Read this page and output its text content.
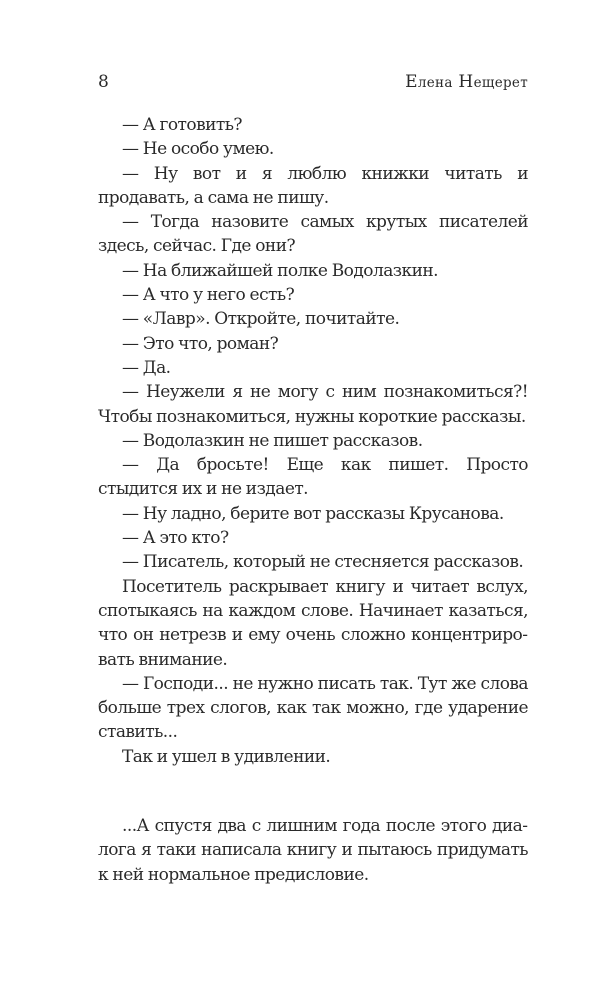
8	Елена Нещерет

— А готовить?

— Не особо умею.

— Ну вот и я люблю книжки читать и продавать, а сама не пишу.

— Тогда назовите самых крутых писателей здесь, сейчас. Где они?

— На ближайшей полке Водолазкин.

— А что у него есть?

— «Лавр». Откройте, почитайте.

— Это что, роман?

— Да.

— Неужели я не могу с ним познакомиться?! Чтобы познакомиться, нужны короткие рассказы.

— Водолазкин не пишет рассказов.

— Да бросьте! Еще как пишет. Просто стыдится их и не издает.

— Ну ладно, берите вот рассказы Крусанова.

— А это кто?

— Писатель, который не стесняется рассказов.

Посетитель раскрывает книгу и читает вслух, спотыкаясь на каждом слове. Начинает казаться, что он нетрезв и ему очень сложно концентрировать внимание.

— Господи... не нужно писать так. Тут же слова больше трех слогов, как так можно, где ударение ставить...

Так и ушел в удивлении.

...А спустя два с лишним года после этого диалога я таки написала книгу и пытаюсь придумать к ней нормальное предисловие.
